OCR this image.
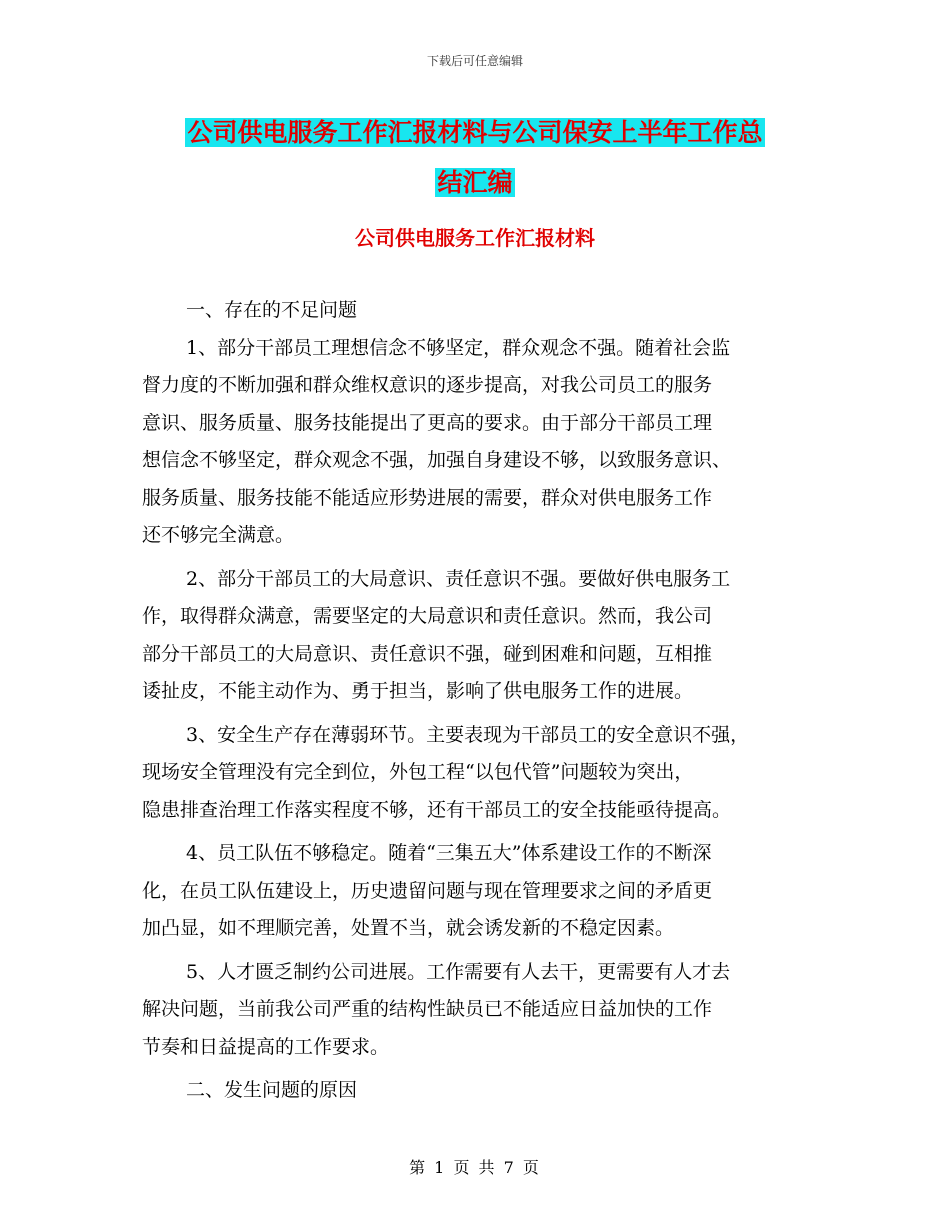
下载后可任意编辑
公司供电服务工作汇报材料与公司保安上半年工作总
结汇编
公司供电服务工作汇报材料
一、存在的不足问题
1、部分干部员工理想信念不够坚定，群众观念不强。随着社会监
督力度的不断加强和群众维权意识的逐步提高，对我公司员工的服务
意识、服务质量、服务技能提出了更高的要求。由于部分干部员工理
想信念不够坚定，群众观念不强，加强自身建设不够，以致服务意识、
服务质量、服务技能不能适应形势进展的需要，群众对供电服务工作
还不够完全满意。
2、部分干部员工的大局意识、责任意识不强。要做好供电服务工
作，取得群众满意，需要坚定的大局意识和责任意识。然而，我公司
部分干部员工的大局意识、责任意识不强，碰到困难和问题，互相推
诿扯皮，不能主动作为、勇于担当，影响了供电服务工作的进展。
3、安全生产存在薄弱环节。主要表现为干部员工的安全意识不强，
现场安全管理没有完全到位，外包工程“以包代管”问题较为突出，
隐患排查治理工作落实程度不够，还有干部员工的安全技能亟待提高。
4、员工队伍不够稳定。随着“三集五大”体系建设工作的不断深
化，在员工队伍建设上，历史遗留问题与现在管理要求之间的矛盾更
加凸显，如不理顺完善，处置不当，就会诱发新的不稳定因素。
5、人才匮乏制约公司进展。工作需要有人去干，更需要有人才去
解决问题，当前我公司严重的结构性缺员已不能适应日益加快的工作
节奏和日益提高的工作要求。
二、发生问题的原因
第 1 页 共 7 页
